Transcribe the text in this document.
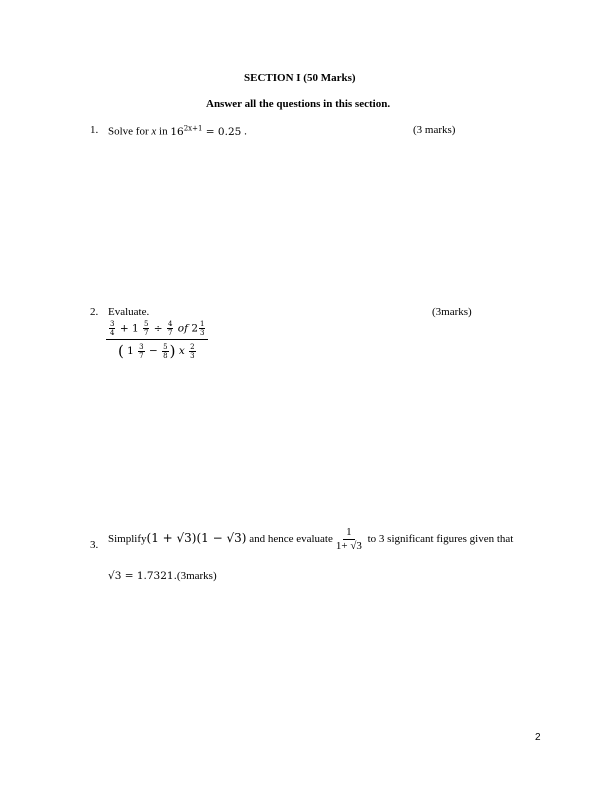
SECTION I (50 Marks)
Answer all the questions in this section.
1. Solve for x in $16^{2x+1} = 0.25$ .	(3 marks)
2. Evaluate.	(3marks)
$\frac{3}{4} + 1 \frac{5}{7} \div \frac{4}{7}$ of $2 \frac{1}{3}$
( $1 \frac{3}{7} - \frac{5}{8}$ ) x $\frac{2}{3}$
3. Simplify(1 + √3)(1 − √3) and hence evaluate $\frac{1}{1+ √3}$ to 3 significant figures given that
√3 = 1.7321.(3marks)
2
